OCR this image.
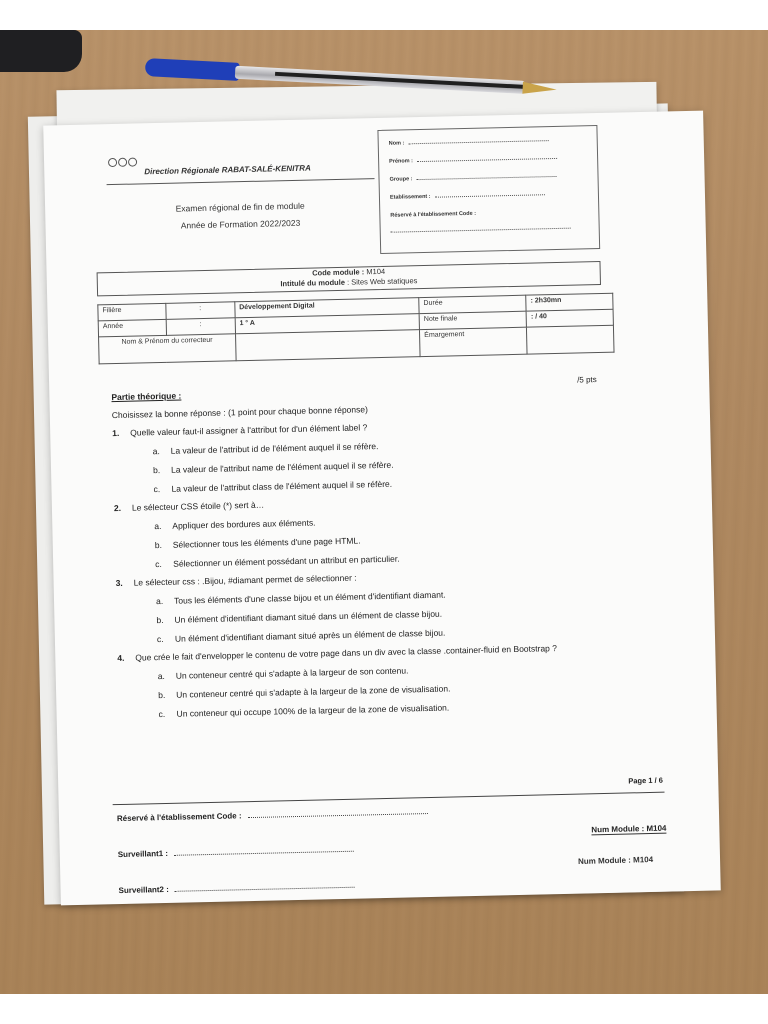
Direction Régionale RABAT-SALÉ-KENITRA
Examen régional de fin de module
Année de Formation 2022/2023
Nom :
Prénom :
Groupe :
Etablissement :
Réservé à l'établissement Code :
Code module : M104
Intitulé du module : Sites Web statiques
Filière	:	Développement Digital	Durée	: 2h30mn
Année	:	1 ° A	Note finale	: / 40
Nom & Prénom du correcteur			Émargement	
/5 pts
Partie théorique :
Choisissez la bonne réponse : (1 point pour chaque bonne réponse)
1. Quelle valeur faut-il assigner à l'attribut for d'un élément label ?
a. La valeur de l'attribut id de l'élément auquel il se réfère.
b. La valeur de l'attribut name de l'élément auquel il se réfère.
c. La valeur de l'attribut class de l'élément auquel il se réfère.
2. Le sélecteur CSS étoile (*) sert à…
a. Appliquer des bordures aux éléments.
b. Sélectionner tous les éléments d'une page HTML.
c. Sélectionner un élément possédant un attribut en particulier.
3. Le sélecteur css : .Bijou, #diamant permet de sélectionner :
a. Tous les éléments d'une classe bijou et un élément d'identifiant diamant.
b. Un élément d'identifiant diamant situé dans un élément de classe bijou.
c. Un élément d'identifiant diamant situé après un élément de classe bijou.
4. Que crée le fait d'envelopper le contenu de votre page dans un div avec la classe .container-fluid en Bootstrap ?
a. Un conteneur centré qui s'adapte à la largeur de son contenu.
b. Un conteneur centré qui s'adapte à la largeur de la zone de visualisation.
c. Un conteneur qui occupe 100% de la largeur de la zone de visualisation.
Page 1 / 6
Réservé à l'établissement Code :
Surveillant1 :
Surveillant2 :
Num Module : M104
Num Module : M104
